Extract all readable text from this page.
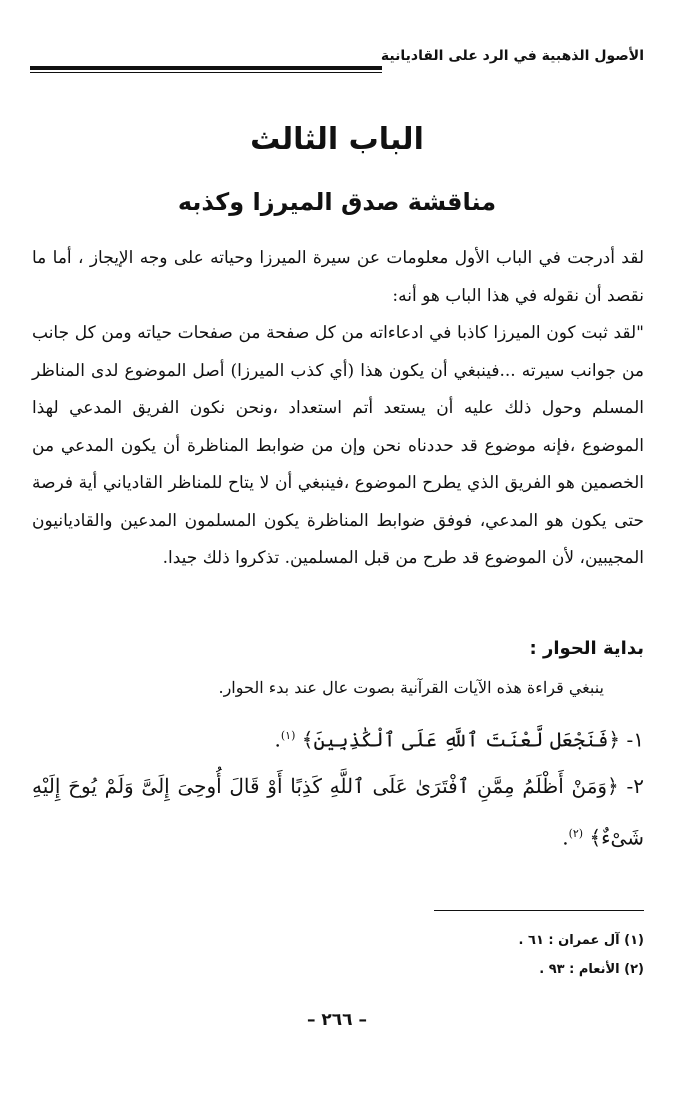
الأصول الذهبية في الرد على القاديانية
الباب الثالث
مناقشة صدق الميرزا وكذبه

لقد أدرجت في الباب الأول معلومات عن سيرة الميرزا وحياته على وجه الإيجاز ، أما ما نقصد أن نقوله في هذا الباب هو أنه:

"لقد ثبت كون الميرزا كاذبا في ادعاءاته من كل صفحة من صفحات حياته ومن كل جانب من جوانب سيرته ...فينبغي أن يكون هذا (أي كذب الميرزا) أصل الموضوع لدى المناظر المسلم وحول ذلك عليه أن يستعد أتم استعداد ،ونحن نكون الفريق المدعي لهذا الموضوع ،فإنه موضوع قد حددناه نحن وإن من ضوابط المناظرة أن يكون المدعي من الخصمين هو الفريق الذي يطرح الموضوع ،فينبغي أن لا يتاح للمناظر القادياني أية فرصة حتى يكون هو المدعي، فوفق ضوابط المناظرة يكون المسلمون المدعين والقاديانيون المجيبين، لأن الموضوع قد طرح من قبل المسلمين. تذكروا ذلك جيدا.

بداية الحوار :
ينبغي قراءة هذه الآيات القرآنية بصوت عال عند بدء الحوار.
١- ﴿فَنَجْعَل لَّعْنَتَ ٱللَّهِ عَلَى ٱلْكَٰذِبِينَ﴾ $^{(١)}$.
٢- ﴿وَمَنْ أَظْلَمُ مِمَّنِ ٱفْتَرَىٰ عَلَى ٱللَّهِ كَذِبًا أَوْ قَالَ أُوحِىَ إِلَىَّ وَلَمْ يُوحَ إِلَيْهِ شَىْءٌ﴾ $^{(٢)}$.
(١) آل عمران : ٦١ .
(٢) الأنعام : ٩٣ .
– ٢٦٦ –
